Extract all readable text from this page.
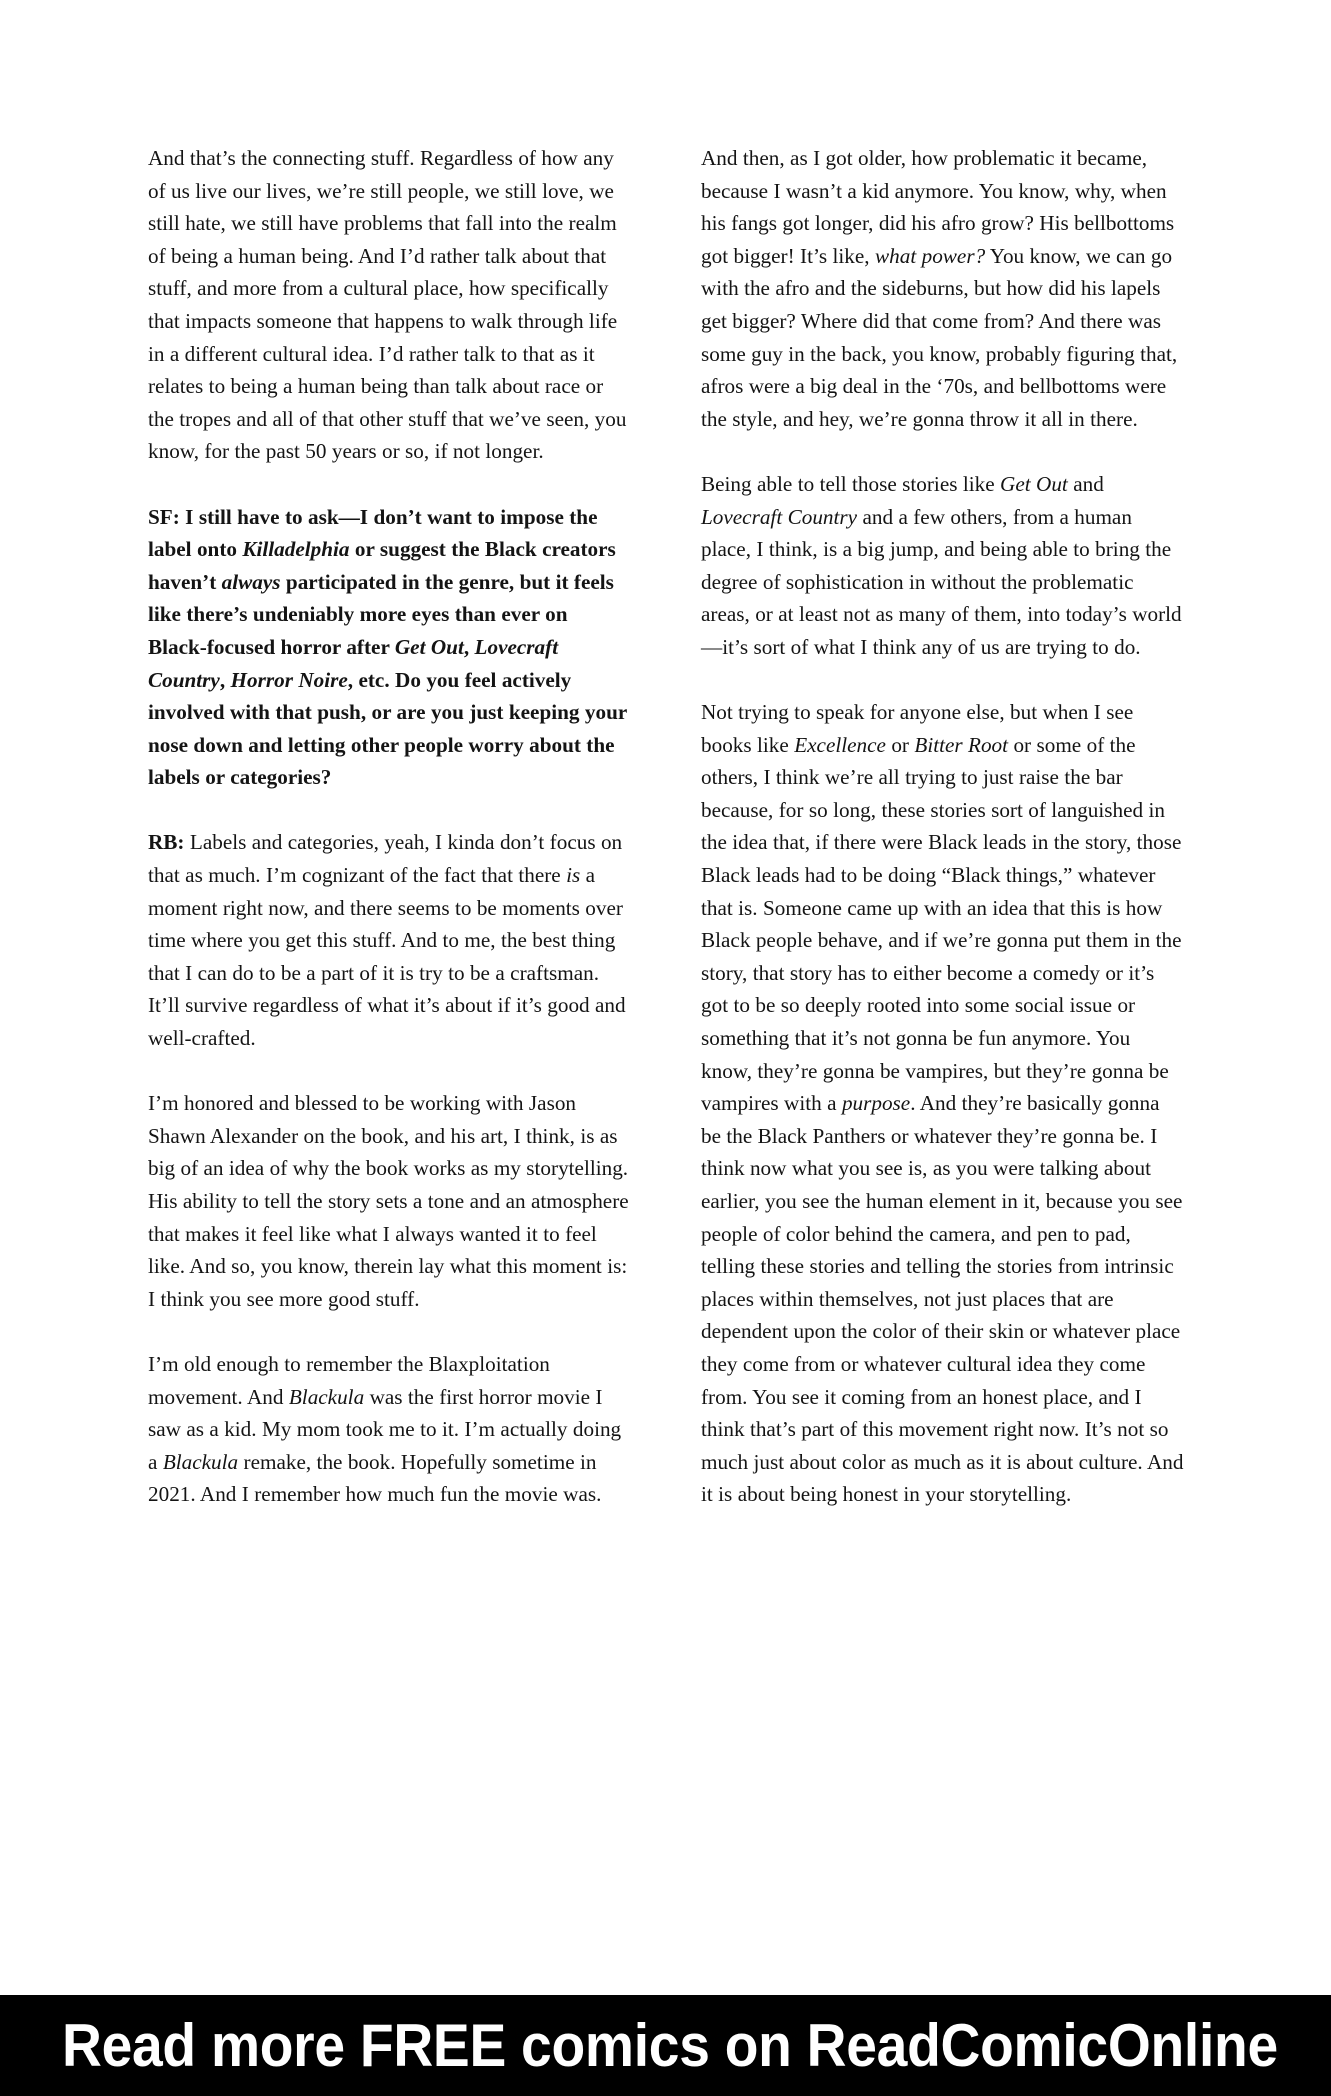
And that’s the connecting stuff. Regardless of how any of us live our lives, we’re still people, we still love, we still hate, we still have problems that fall into the realm of being a human being. And I’d rather talk about that stuff, and more from a cultural place, how specifically that impacts someone that happens to walk through life in a different cultural idea. I’d rather talk to that as it relates to being a human being than talk about race or the tropes and all of that other stuff that we’ve seen, you know, for the past 50 years or so, if not longer.

SF: I still have to ask—I don’t want to impose the label onto Killadelphia or suggest the Black creators haven’t always participated in the genre, but it feels like there’s undeniably more eyes than ever on Black-focused horror after Get Out, Lovecraft Country, Horror Noire, etc. Do you feel actively involved with that push, or are you just keeping your nose down and letting other people worry about the labels or categories?

RB: Labels and categories, yeah, I kinda don’t focus on that as much. I’m cognizant of the fact that there is a moment right now, and there seems to be moments over time where you get this stuff. And to me, the best thing that I can do to be a part of it is try to be a craftsman. It’ll survive regardless of what it’s about if it’s good and well-crafted.

I’m honored and blessed to be working with Jason Shawn Alexander on the book, and his art, I think, is as big of an idea of why the book works as my storytelling. His ability to tell the story sets a tone and an atmosphere that makes it feel like what I always wanted it to feel like. And so, you know, therein lay what this moment is: I think you see more good stuff.

I’m old enough to remember the Blaxploitation movement. And Blackula was the first horror movie I saw as a kid. My mom took me to it. I’m actually doing a Blackula remake, the book. Hopefully sometime in 2021. And I remember how much fun the movie was.

And then, as I got older, how problematic it became, because I wasn’t a kid anymore. You know, why, when his fangs got longer, did his afro grow? His bellbottoms got bigger! It’s like, what power? You know, we can go with the afro and the sideburns, but how did his lapels get bigger? Where did that come from? And there was some guy in the back, you know, probably figuring that, afros were a big deal in the ‘70s, and bellbottoms were the style, and hey, we’re gonna throw it all in there.

Being able to tell those stories like Get Out and Lovecraft Country and a few others, from a human place, I think, is a big jump, and being able to bring the degree of sophistication in without the problematic areas, or at least not as many of them, into today’s world—it’s sort of what I think any of us are trying to do.

Not trying to speak for anyone else, but when I see books like Excellence or Bitter Root or some of the others, I think we’re all trying to just raise the bar because, for so long, these stories sort of languished in the idea that, if there were Black leads in the story, those Black leads had to be doing “Black things,” whatever that is. Someone came up with an idea that this is how Black people behave, and if we’re gonna put them in the story, that story has to either become a comedy or it’s got to be so deeply rooted into some social issue or something that it’s not gonna be fun anymore. You know, they’re gonna be vampires, but they’re gonna be vampires with a purpose. And they’re basically gonna be the Black Panthers or whatever they’re gonna be. I think now what you see is, as you were talking about earlier, you see the human element in it, because you see people of color behind the camera, and pen to pad, telling these stories and telling the stories from intrinsic places within themselves, not just places that are dependent upon the color of their skin or whatever place they come from or whatever cultural idea they come from. You see it coming from an honest place, and I think that’s part of this movement right now. It’s not so much just about color as much as it is about culture. And it is about being honest in your storytelling.

Read more FREE comics on ReadComicOnline
